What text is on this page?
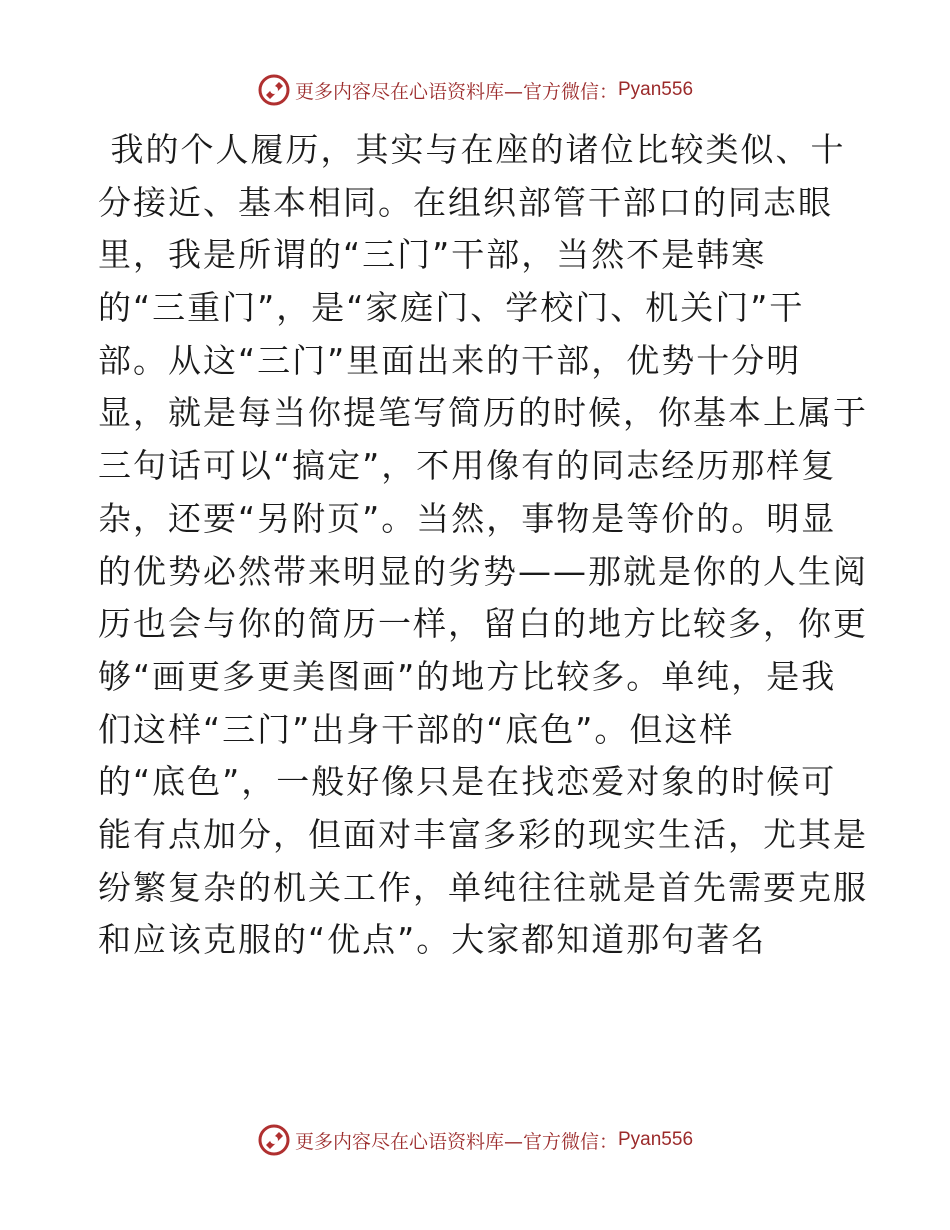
更多内容尽在心语资料库—官方微信： Pyan556
我的个人履历，其实与在座的诸位比较类似、十
分接近、基本相同。在组织部管干部口的同志眼
里，我是所谓的“三门”干部，当然不是韩寒
的“三重门”，是“家庭门、学校门、机关门”干
部。从这“三门”里面出来的干部，优势十分明
显，就是每当你提笔写简历的时候，你基本上属于
三句话可以“搞定”，不用像有的同志经历那样复
杂，还要“另附页”。当然，事物是等价的。明显
的优势必然带来明显的劣势——那就是你的人生阅
历也会与你的简历一样，留白的地方比较多，你更
够“画更多更美图画”的地方比较多。单纯，是我
们这样“三门”出身干部的“底色”。但这样
的“底色”，一般好像只是在找恋爱对象的时候可
能有点加分，但面对丰富多彩的现实生活，尤其是
纷繁复杂的机关工作，单纯往往就是首先需要克服
和应该克服的“优点”。大家都知道那句著名
更多内容尽在心语资料库—官方微信： Pyan556
